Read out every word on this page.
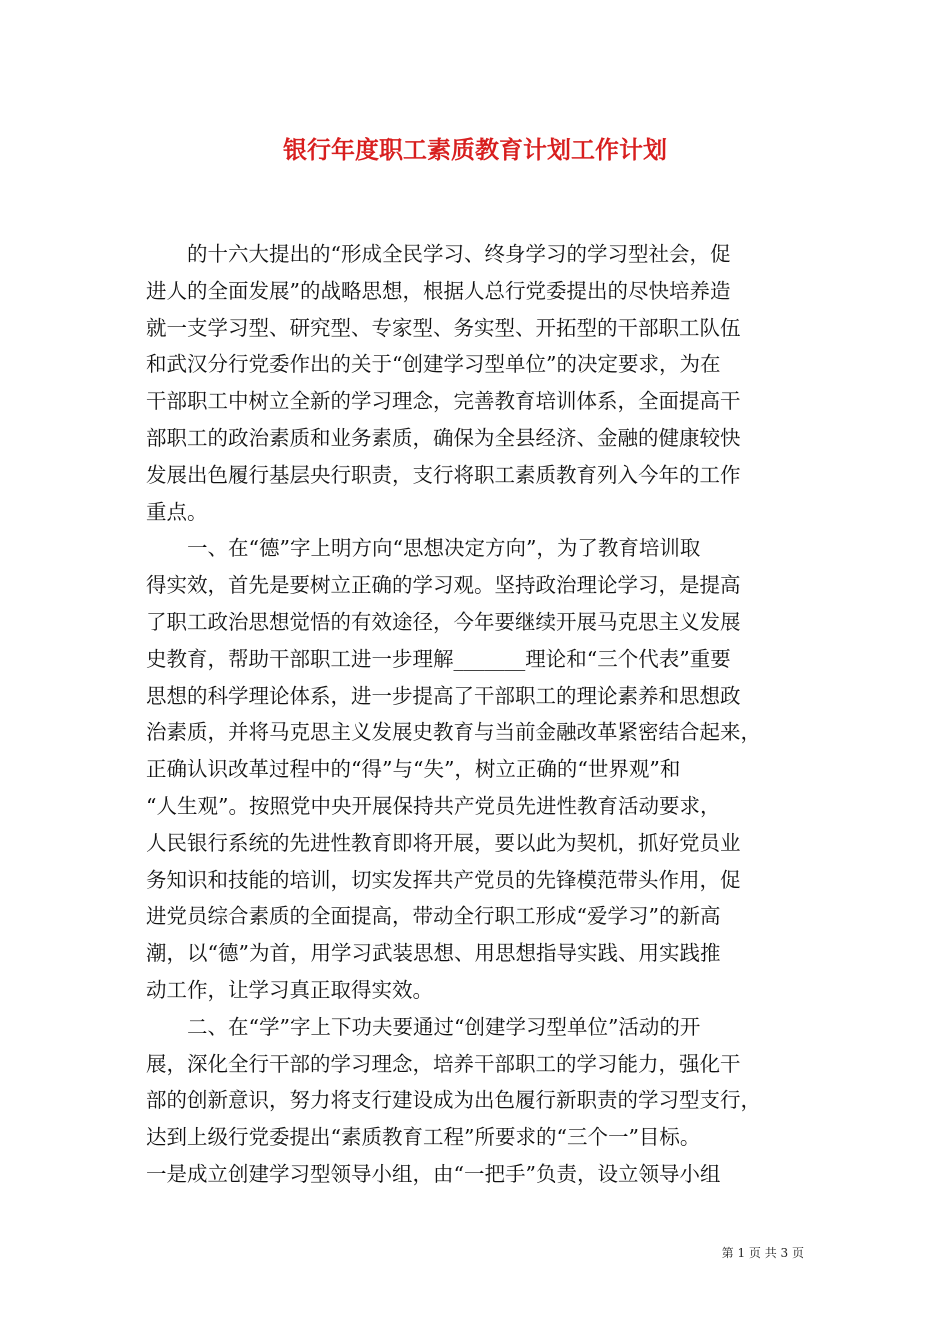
银行年度职工素质教育计划工作计划
　　的十六大提出的“形成全民学习、终身学习的学习型社会，促
进人的全面发展”的战略思想，根据人总行党委提出的尽快培养造
就一支学习型、研究型、专家型、务实型、开拓型的干部职工队伍
和武汉分行党委作出的关于“创建学习型单位”的决定要求，为在
干部职工中树立全新的学习理念，完善教育培训体系，全面提高干
部职工的政治素质和业务素质，确保为全县经济、金融的健康较快
发展出色履行基层央行职责，支行将职工素质教育列入今年的工作
重点。
　　一、在“德”字上明方向“思想决定方向”，为了教育培训取
得实效，首先是要树立正确的学习观。坚持政治理论学习，是提高
了职工政治思想觉悟的有效途径，今年要继续开展马克思主义发展
史教育，帮助干部职工进一步理解_______理论和“三个代表”重要
思想的科学理论体系，进一步提高了干部职工的理论素养和思想政
治素质，并将马克思主义发展史教育与当前金融改革紧密结合起来，
正确认识改革过程中的“得”与“失”，树立正确的“世界观”和
“人生观”。按照党中央开展保持共产党员先进性教育活动要求，
人民银行系统的先进性教育即将开展，要以此为契机，抓好党员业
务知识和技能的培训，切实发挥共产党员的先锋模范带头作用，促
进党员综合素质的全面提高，带动全行职工形成“爱学习”的新高
潮，以“德”为首，用学习武装思想、用思想指导实践、用实践推
动工作，让学习真正取得实效。
　　二、在“学”字上下功夫要通过“创建学习型单位”活动的开
展，深化全行干部的学习理念，培养干部职工的学习能力，强化干
部的创新意识，努力将支行建设成为出色履行新职责的学习型支行，
达到上级行党委提出“素质教育工程”所要求的“三个一”目标。
一是成立创建学习型领导小组，由“一把手”负责，设立领导小组
第 1 页 共 3 页
